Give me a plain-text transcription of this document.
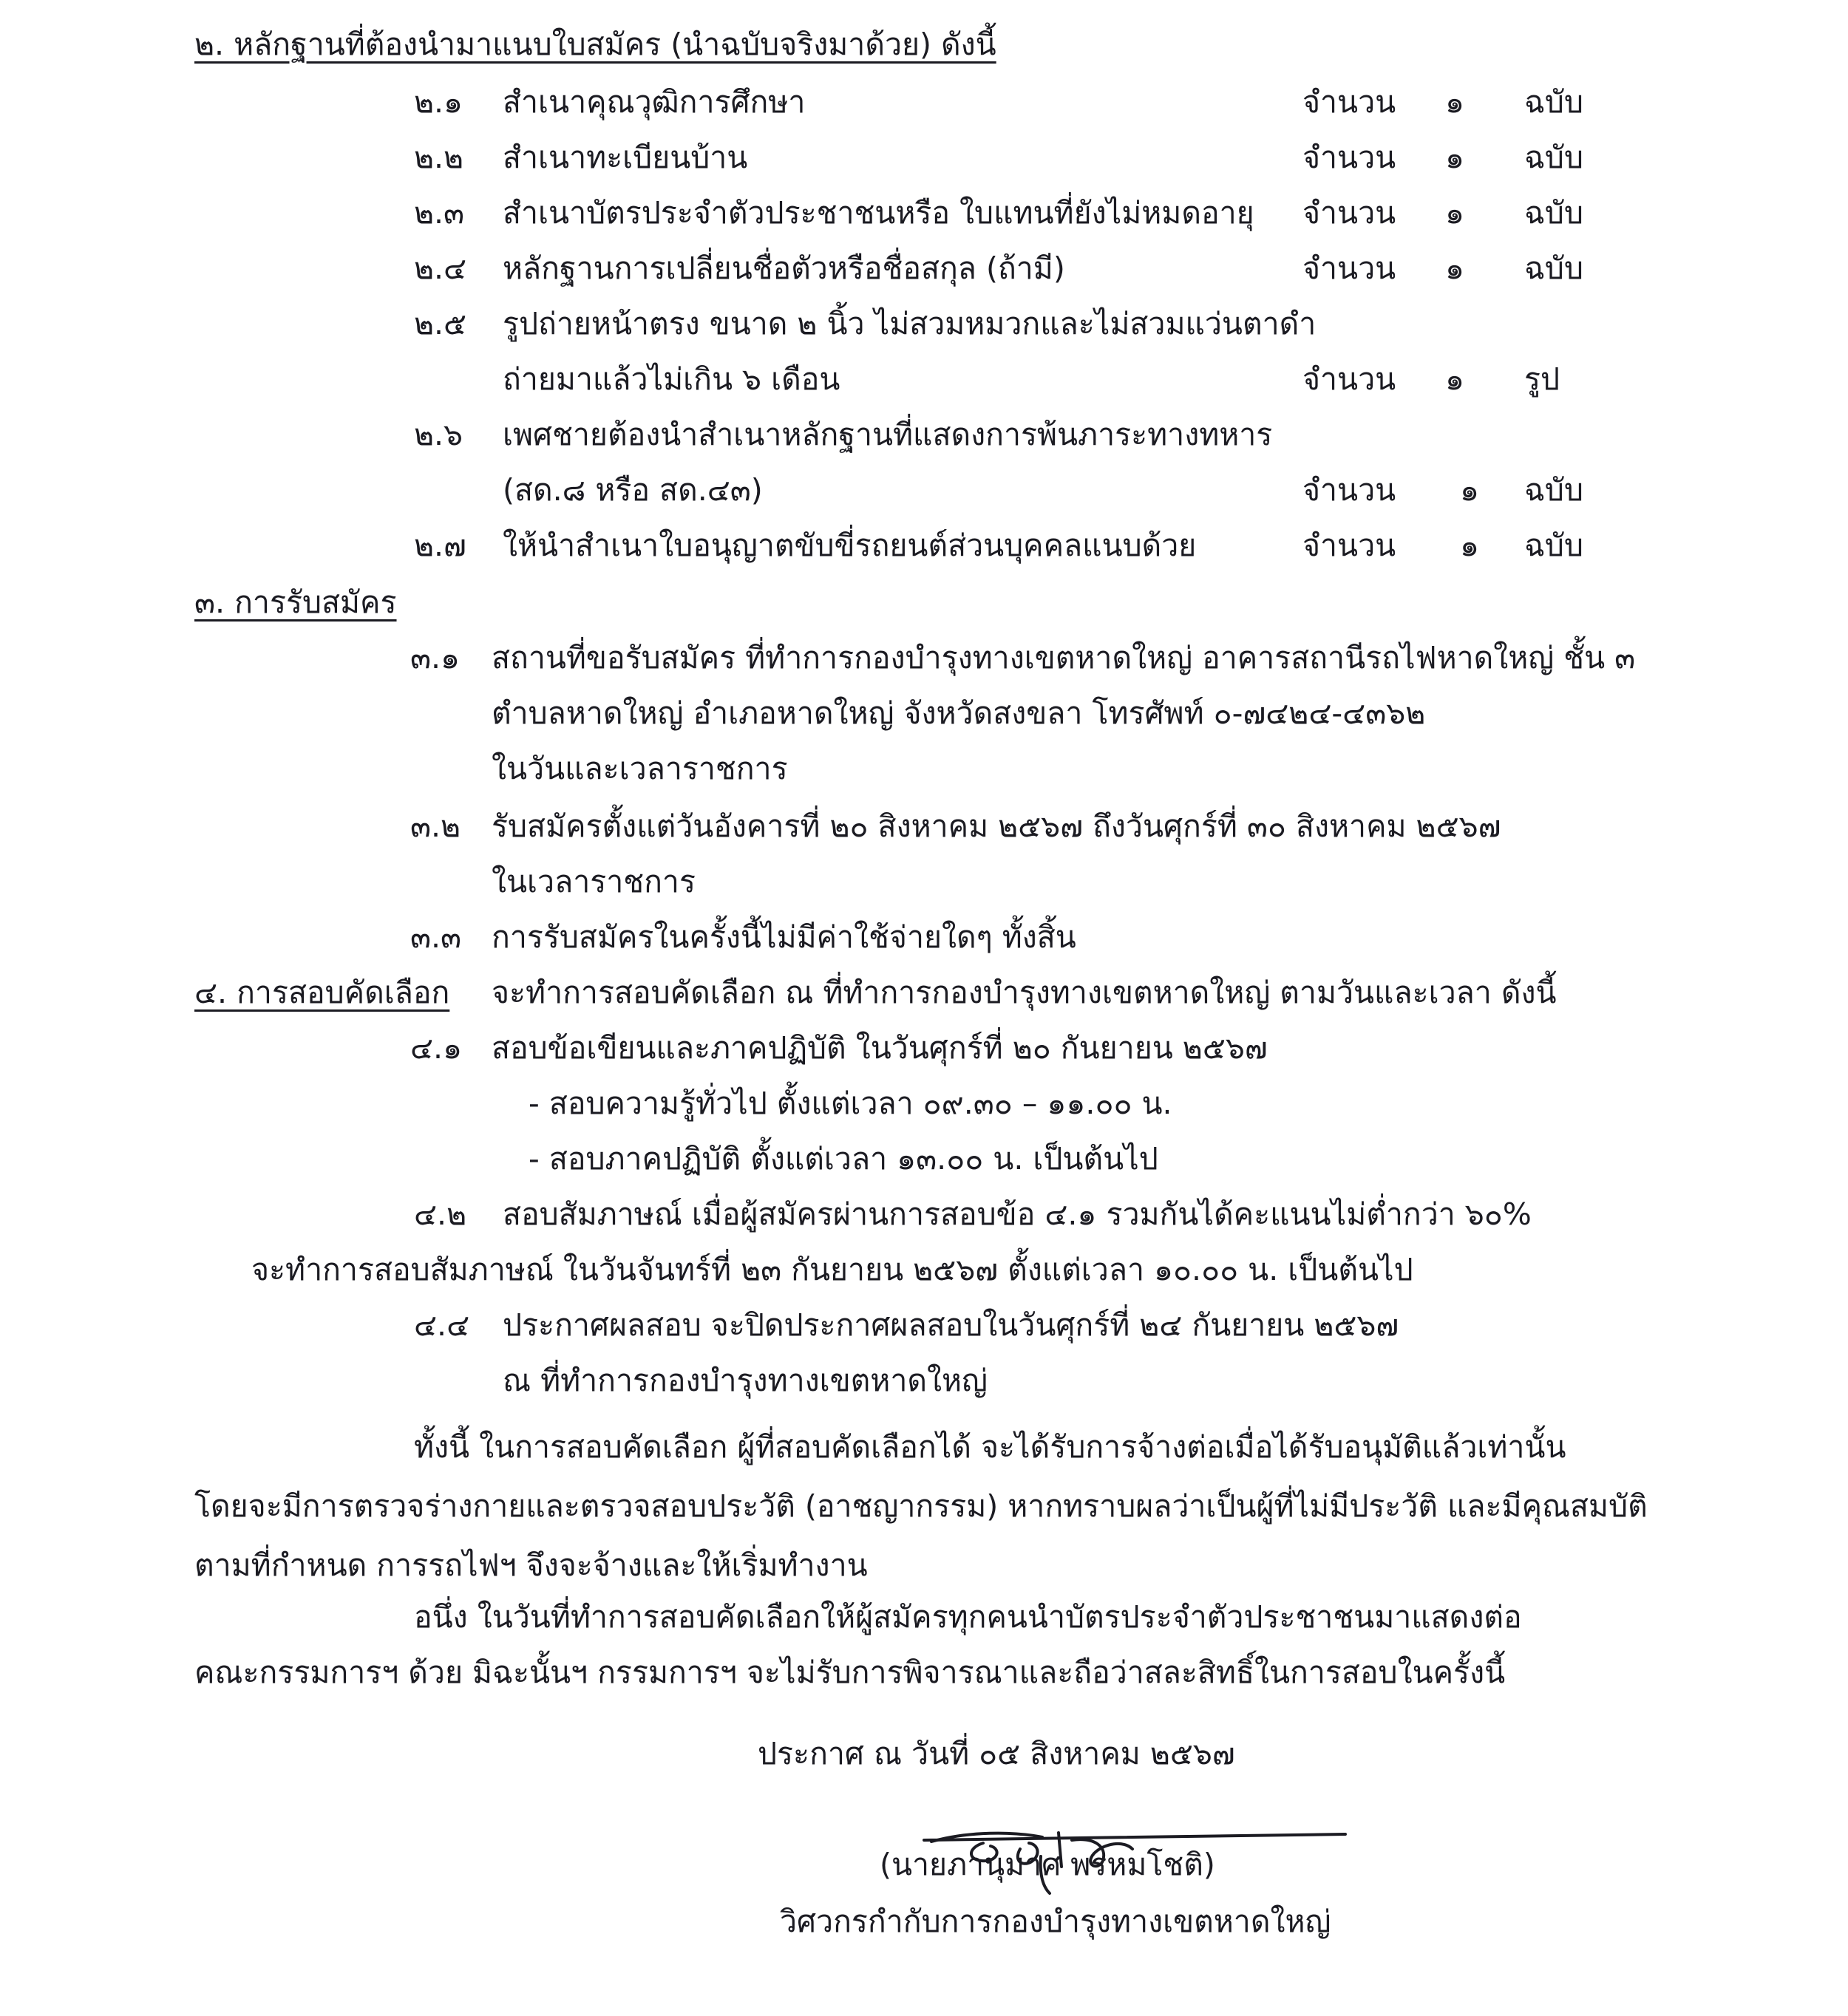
๒. หลักฐานที่ต้องนำมาแนบใบสมัคร (นำฉบับจริงมาด้วย) ดังนี้
๒.๑ สำเนาคุณวุฒิการศึกษา	จำนวน ๑ ฉบับ
๒.๒ สำเนาทะเบียนบ้าน	จำนวน ๑ ฉบับ
๒.๓ สำเนาบัตรประจำตัวประชาชนหรือ ใบแทนที่ยังไม่หมดอายุ จำนวน ๑ ฉบับ
๒.๔ หลักฐานการเปลี่ยนชื่อตัวหรือชื่อสกุล (ถ้ามี)	จำนวน ๑ ฉบับ
๒.๕ รูปถ่ายหน้าตรง ขนาด ๒ นิ้ว ไม่สวมหมวกและไม่สวมแว่นตาดำ
ถ่ายมาแล้วไม่เกิน ๖ เดือน	จำนวน ๑ รูป
๒.๖ เพศชายต้องนำสำเนาหลักฐานที่แสดงการพ้นภาระทางทหาร
(สด.๘ หรือ สด.๔๓)	จำนวน ๑ ฉบับ
๒.๗ ให้นำสำเนาใบอนุญาตขับขี่รถยนต์ส่วนบุคคลแนบด้วย	จำนวน ๑ ฉบับ
๓. การรับสมัคร
๓.๑ สถานที่ขอรับสมัคร ที่ทำการกองบำรุงทางเขตหาดใหญ่ อาคารสถานีรถไฟหาดใหญ่ ชั้น ๓
ตำบลหาดใหญ่ อำเภอหาดใหญ่ จังหวัดสงขลา โทรศัพท์ ๐-๗๔๒๔-๔๓๖๒
ในวันและเวลาราชการ
๓.๒ รับสมัครตั้งแต่วันอังคารที่ ๒๐ สิงหาคม ๒๕๖๗ ถึงวันศุกร์ที่ ๓๐ สิงหาคม ๒๕๖๗
ในเวลาราชการ
๓.๓ การรับสมัครในครั้งนี้ไม่มีค่าใช้จ่ายใดๆ ทั้งสิ้น
๔. การสอบคัดเลือก จะทำการสอบคัดเลือก ณ ที่ทำการกองบำรุงทางเขตหาดใหญ่ ตามวันและเวลา ดังนี้
๔.๑ สอบข้อเขียนและภาคปฏิบัติ ในวันศุกร์ที่ ๒๐ กันยายน ๒๕๖๗
- สอบความรู้ทั่วไป ตั้งแต่เวลา ๐๙.๓๐ – ๑๑.๐๐ น.
- สอบภาคปฏิบัติ ตั้งแต่เวลา ๑๓.๐๐ น. เป็นต้นไป
๔.๒ สอบสัมภาษณ์ เมื่อผู้สมัครผ่านการสอบข้อ ๔.๑ รวมกันได้คะแนนไม่ต่ำกว่า ๖๐%
จะทำการสอบสัมภาษณ์ ในวันจันทร์ที่ ๒๓ กันยายน ๒๕๖๗ ตั้งแต่เวลา ๑๐.๐๐ น. เป็นต้นไป
๔.๔ ประกาศผลสอบ จะปิดประกาศผลสอบในวันศุกร์ที่ ๒๔ กันยายน ๒๕๖๗
ณ ที่ทำการกองบำรุงทางเขตหาดใหญ่
ทั้งนี้ ในการสอบคัดเลือก ผู้ที่สอบคัดเลือกได้ จะได้รับการจ้างต่อเมื่อได้รับอนุมัติแล้วเท่านั้น
โดยจะมีการตรวจร่างกายและตรวจสอบประวัติ (อาชญากรรม) หากทราบผลว่าเป็นผู้ที่ไม่มีประวัติ และมีคุณสมบัติ
ตามที่กำหนด การรถไฟฯ จึงจะจ้างและให้เริ่มทำงาน
อนึ่ง ในวันที่ทำการสอบคัดเลือกให้ผู้สมัครทุกคนนำบัตรประจำตัวประชาชนมาแสดงต่อ
คณะกรรมการฯ ด้วย มิฉะนั้นฯ กรรมการฯ จะไม่รับการพิจารณาและถือว่าสละสิทธิ์ในการสอบในครั้งนี้
ประกาศ ณ วันที่ ๐๕ สิงหาคม ๒๕๖๗
(นายภานุมาศ พรหมโชติ)
วิศวกรกำกับการกองบำรุงทางเขตหาดใหญ่
